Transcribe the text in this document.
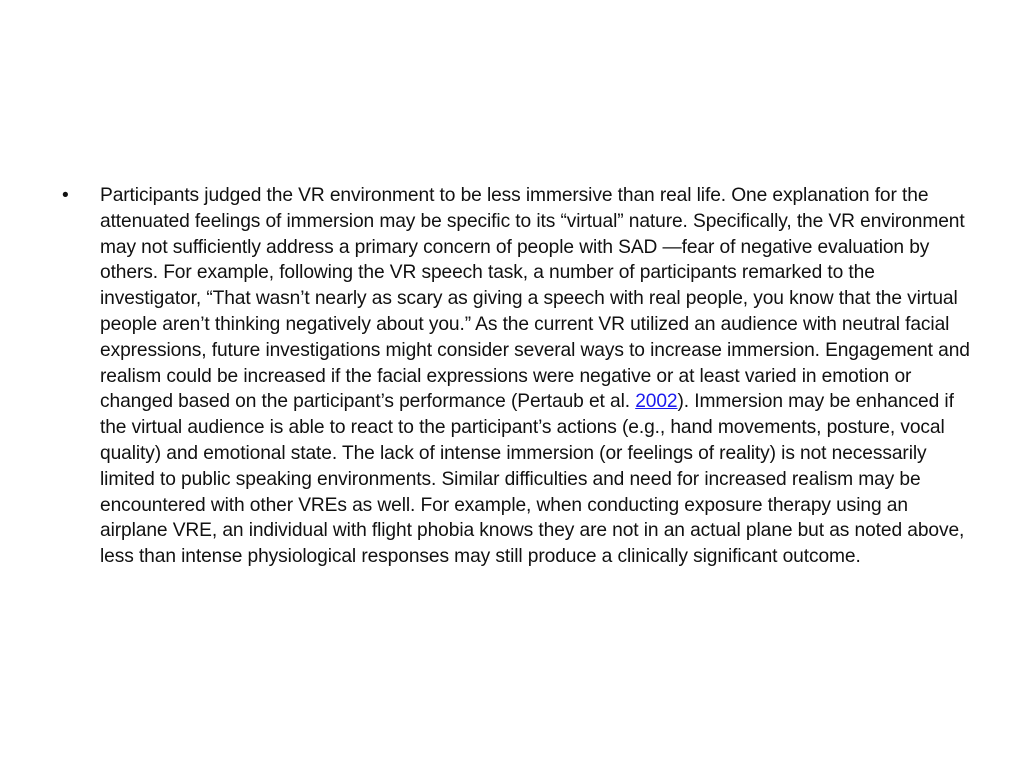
• Participants judged the VR environment to be less immersive than real life. One explanation for the attenuated feelings of immersion may be specific to its “virtual” nature. Specifically, the VR environment may not sufficiently address a primary concern of people with SAD —fear of negative evaluation by others. For example, following the VR speech task, a number of participants remarked to the investigator, “That wasn’t nearly as scary as giving a speech with real people, you know that the virtual people aren’t thinking negatively about you.” As the current VR utilized an audience with neutral facial expressions, future investigations might consider several ways to increase immersion. Engagement and realism could be increased if the facial expressions were negative or at least varied in emotion or changed based on the participant’s performance (Pertaub et al. 2002). Immersion may be enhanced if the virtual audience is able to react to the participant’s actions (e.g., hand movements, posture, vocal quality) and emotional state. The lack of intense immersion (or feelings of reality) is not necessarily limited to public speaking environments. Similar difficulties and need for increased realism may be encountered with other VREs as well. For example, when conducting exposure therapy using an airplane VRE, an individual with flight phobia knows they are not in an actual plane but as noted above, less than intense physiological responses may still produce a clinically significant outcome.
